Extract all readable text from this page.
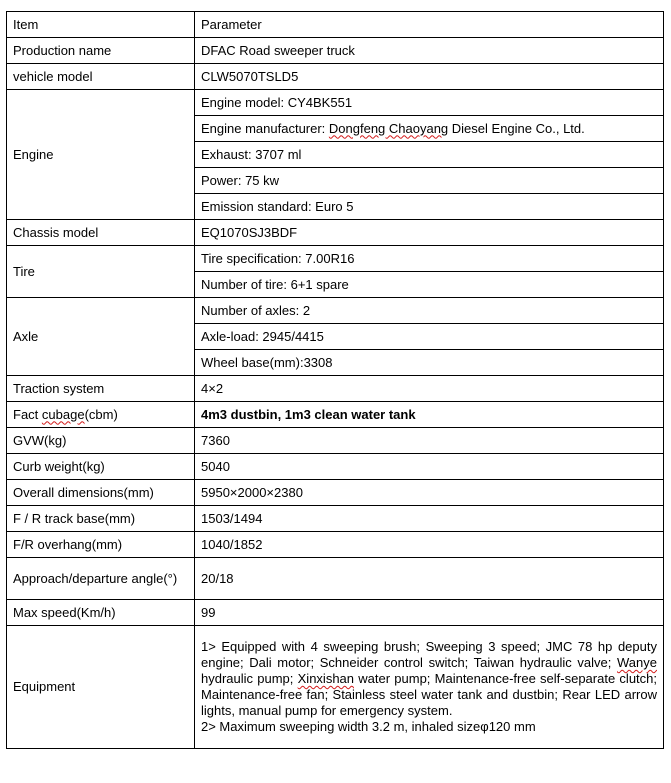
Item	Parameter
Production name	DFAC Road sweeper truck
vehicle model	CLW5070TSLD5
Engine	Engine model: CY4BK551
	Engine manufacturer: Dongfeng Chaoyang Diesel Engine Co., Ltd.
	Exhaust: 3707 ml
	Power: 75 kw
	Emission standard: Euro 5
Chassis model	EQ1070SJ3BDF
Tire	Tire specification: 7.00R16
	Number of tire: 6+1 spare
Axle	Number of axles: 2
	Axle-load: 2945/4415
	Wheel base(mm):3308
Traction system	4×2
Fact cubage(cbm)	4m3 dustbin, 1m3 clean water tank
GVW(kg)	7360
Curb weight(kg)	5040
Overall dimensions(mm)	5950×2000×2380
F / R track base(mm)	1503/1494
F/R overhang(mm)	1040/1852
Approach/departure angle(°)	20/18
Max speed(Km/h)	99
Equipment	1> Equipped with 4 sweeping brush; Sweeping 3 speed; JMC 78 hp deputy engine; Dali motor; Schneider control switch; Taiwan hydraulic valve; Wanye hydraulic pump; Xinxishan water pump; Maintenance-free self-separate clutch; Maintenance-free fan; Stainless steel water tank and dustbin; Rear LED arrow lights, manual pump for emergency system.
2> Maximum sweeping width 3.2 m, inhaled sizeφ120 mm
